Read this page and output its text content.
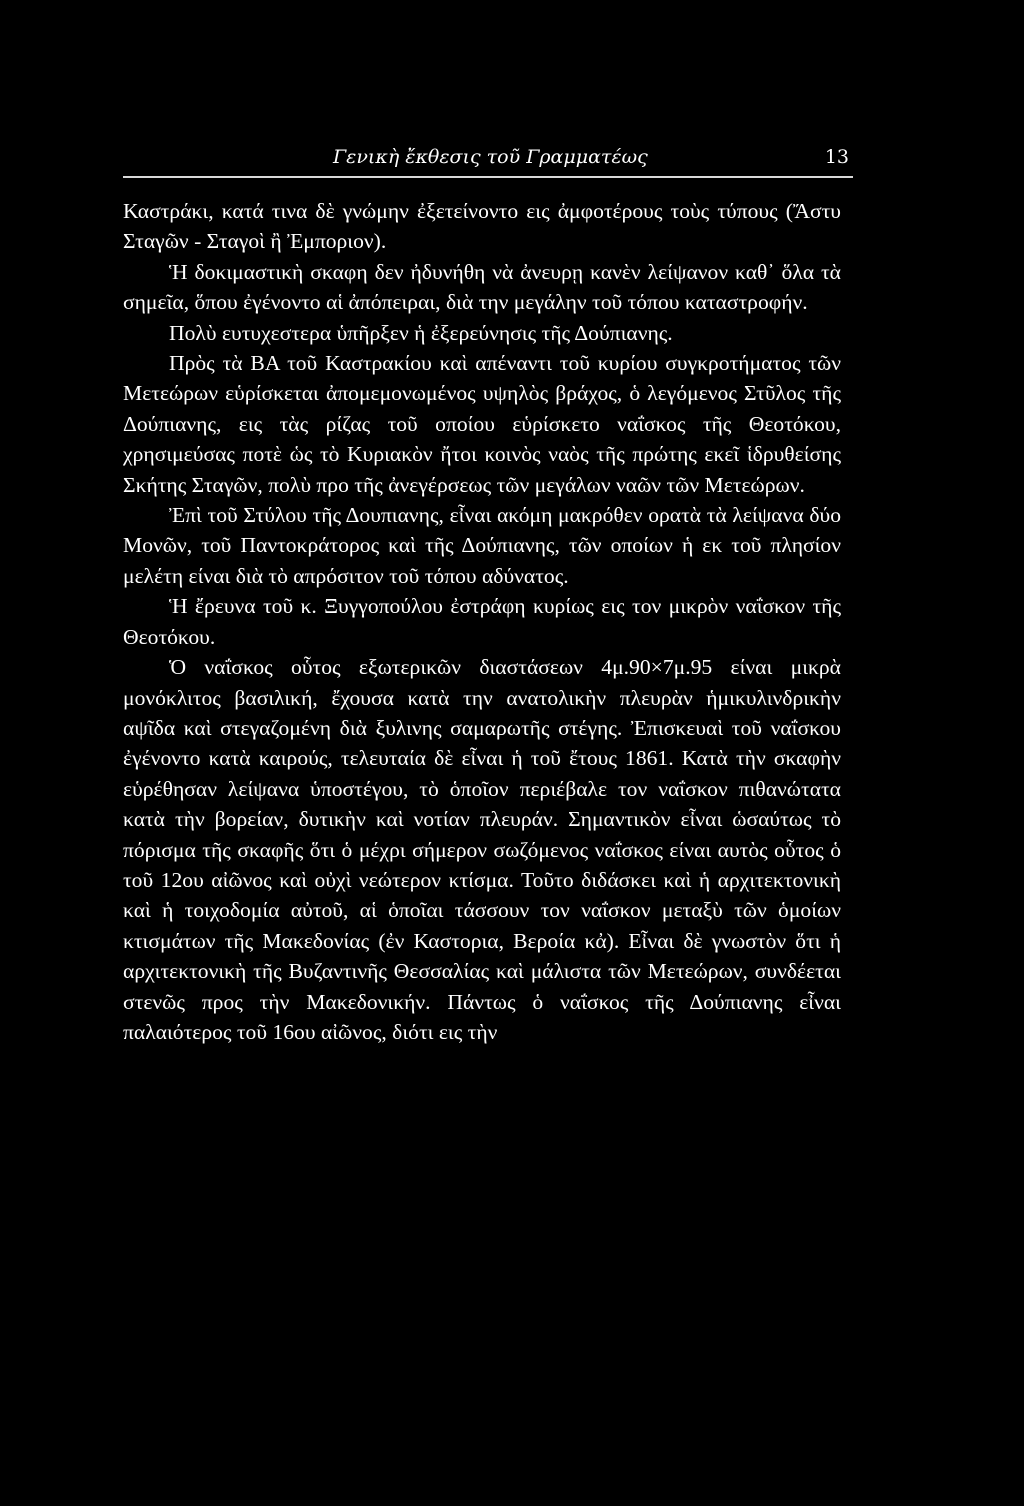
Γενικὴ ἔκθεσις τοῦ Γραμματέως	13

Καστράκι, κατά τινα δὲ γνώμην ἐξετείνοντο εις ἀμφοτέρους τοὺς τύπους (Ἄστυ Σταγῶν - Σταγοὶ ἢ Ἐμποριον).

Ἡ δοκιμαστικὴ σκαφη δεν ἠδυνήθη νὰ ἀνευρῃ κανὲν λείψανον καθ᾽ ὅλα τὰ σημεῖα, ὅπου ἐγένοντο αἱ ἀπόπειραι, διὰ την μεγάλην τοῦ τόπου καταστροφήν.

Πολὺ ευτυχεστερα ὑπῆρξεν ἡ ἐξερεύνησις τῆς Δούπιανης.

Πρὸς τὰ ΒΑ τοῦ Καστρακίου καὶ απέναντι τοῦ κυρίου συγκροτήματος τῶν Μετεώρων εὑρίσκεται ἀπομεμονωμένος υψηλὸς βράχος, ὁ λεγόμενος Στῦλος τῆς Δούπιανης, εις τὰς ρίζας τοῦ οποίου εὑρίσκετο ναΐσκος τῆς Θεοτόκου, χρησιμεύσας ποτὲ ὡς τὸ Κυριακὸν ἤτοι κοινὸς ναὸς τῆς πρώτης εκεῖ ἱδρυθείσης Σκήτης Σταγῶν, πολὺ προ τῆς ἀνεγέρσεως τῶν μεγάλων ναῶν τῶν Μετεώρων.

Ἐπὶ τοῦ Στύλου τῆς Δουπιανης, εἶναι ακόμη μακρόθεν ορατὰ τὰ λείψανα δύο Μονῶν, τοῦ Παντοκράτορος καὶ τῆς Δούπιανης, τῶν οποίων ἡ εκ τοῦ πλησίον μελέτη είναι διὰ τὸ απρόσιτον τοῦ τόπου αδύνατος.

Ἡ ἔρευνα τοῦ κ. Ξυγγοπούλου ἐστράφη κυρίως εις τον μικρὸν ναΐσκον τῆς Θεοτόκου.

Ὁ ναΐσκος οὗτος εξωτερικῶν διαστάσεων 4μ.90×7μ.95 είναι μικρὰ μονόκλιτος βασιλική, ἔχουσα κατὰ την ανατολικὴν πλευρὰν ἡμικυλινδρικὴν αψῖδα καὶ στεγαζομένη διὰ ξυλινης σαμαρωτῆς στέγης. Ἐπισκευαὶ τοῦ ναΐσκου ἐγένοντο κατὰ καιρούς, τελευταία δὲ εἶναι ἡ τοῦ ἔτους 1861. Κατὰ τὴν σκαφὴν εὑρέθησαν λείψανα ὑποστέγου, τὸ ὁποῖον περιέβαλε τον ναΐσκον πιθανώτατα κατὰ τὴν βορείαν, δυτικὴν καὶ νοτίαν πλευράν. Σημαντικὸν εἶναι ὡσαύτως τὸ πόρισμα τῆς σκαφῆς ὅτι ὁ μέχρι σήμερον σωζόμενος ναΐσκος είναι αυτὸς οὗτος ὁ τοῦ 12ου αἰῶνος καὶ οὐχὶ νεώτερον κτίσμα. Τοῦτο διδάσκει καὶ ἡ αρχιτεκτονικὴ καὶ ἡ τοιχοδομία αὐτοῦ, αἱ ὁποῖαι τάσσουν τον ναΐσκον μεταξὺ τῶν ὁμοίων κτισμάτων τῆς Μακεδονίας (ἐν Καστορια, Βεροία κἀ). Εἶναι δὲ γνωστὸν ὅτι ἡ αρχιτεκτονικὴ τῆς Βυζαντινῆς Θεσσαλίας καὶ μάλιστα τῶν Μετεώρων, συνδέεται στενῶς προς τὴν Μακεδονικήν. Πάντως ὁ ναΐσκος τῆς Δούπιανης εἶναι παλαιότερος τοῦ 16ου αἰῶνος, διότι εις τὴν
